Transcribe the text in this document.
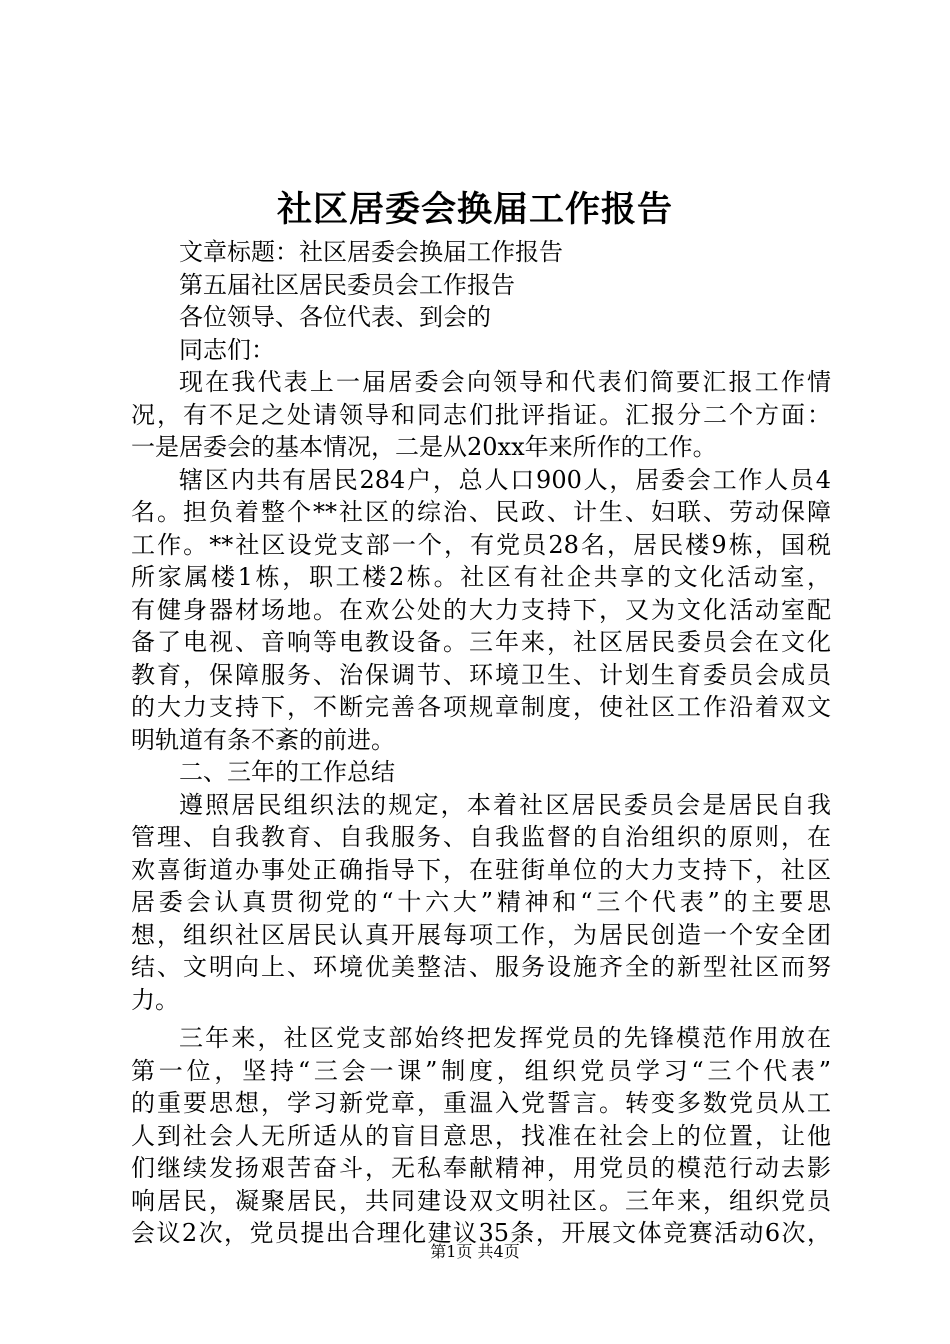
社区居委会换届工作报告
文章标题：社区居委会换届工作报告
第五届社区居民委员会工作报告
各位领导、各位代表、到会的
同志们：
现在我代表上一届居委会向领导和代表们简要汇报工作情
况，有不足之处请领导和同志们批评指证。汇报分二个方面：
一是居委会的基本情况，二是从20xx年来所作的工作。
辖区内共有居民284户，总人口900人，居委会工作人员4
名。担负着整个**社区的综治、民政、计生、妇联、劳动保障
工作。**社区设党支部一个，有党员28名，居民楼9栋，国税
所家属楼1栋，职工楼2栋。社区有社企共享的文化活动室，
有健身器材场地。在欢公处的大力支持下，又为文化活动室配
备了电视、音响等电教设备。三年来，社区居民委员会在文化
教育，保障服务、治保调节、环境卫生、计划生育委员会成员
的大力支持下，不断完善各项规章制度，使社区工作沿着双文
明轨道有条不紊的前进。
二、三年的工作总结
遵照居民组织法的规定，本着社区居民委员会是居民自我
管理、自我教育、自我服务、自我监督的自治组织的原则，在
欢喜街道办事处正确指导下，在驻街单位的大力支持下，社区
居委会认真贯彻党的“十六大”精神和“三个代表”的主要思
想，组织社区居民认真开展每项工作，为居民创造一个安全团
结、文明向上、环境优美整洁、服务设施齐全的新型社区而努
力。
三年来，社区党支部始终把发挥党员的先锋模范作用放在
第一位，坚持“三会一课”制度，组织党员学习“三个代表”
的重要思想，学习新党章，重温入党誓言。转变多数党员从工
人到社会人无所适从的盲目意思，找准在社会上的位置，让他
们继续发扬艰苦奋斗，无私奉献精神，用党员的模范行动去影
响居民，凝聚居民，共同建设双文明社区。三年来，组织党员
会议2次，党员提出合理化建议35条，开展文体竞赛活动6次，
第1页 共4页
